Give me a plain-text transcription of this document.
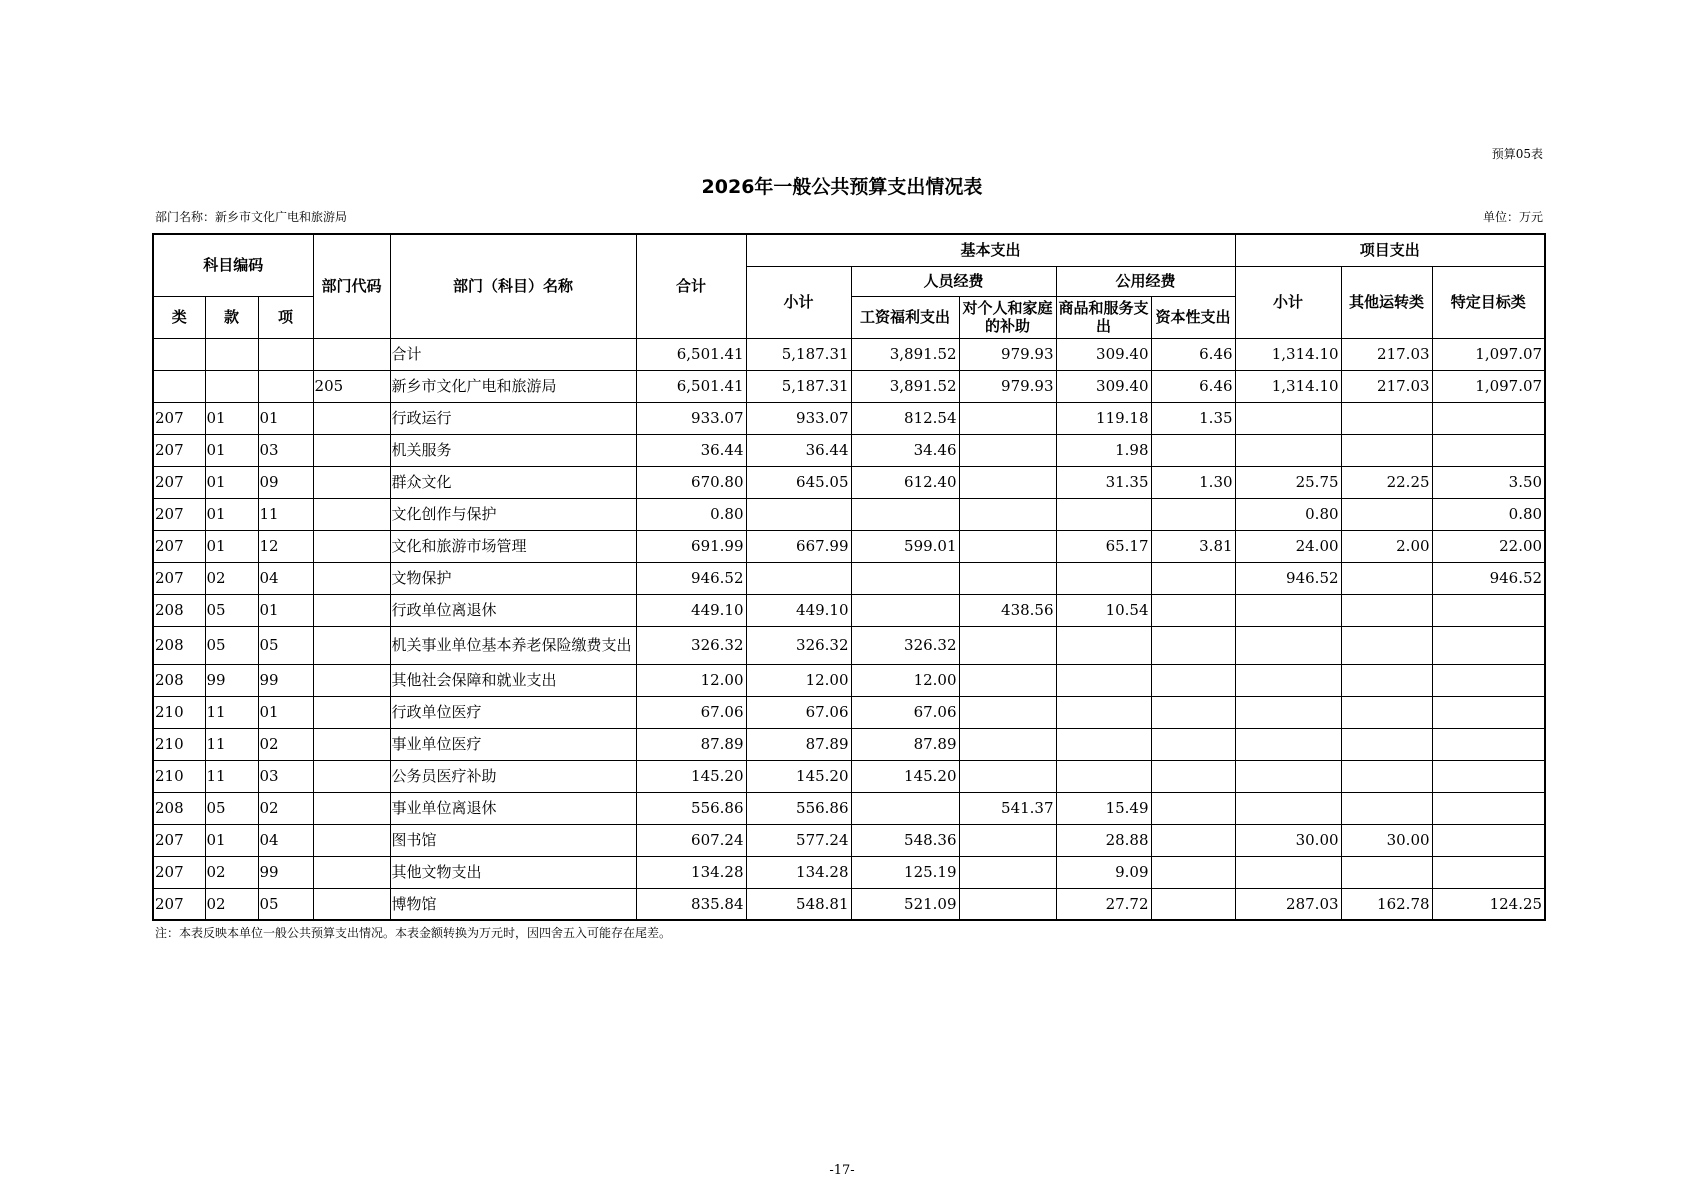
预算05表
2026年一般公共预算支出情况表
部门名称：新乡市文化广电和旅游局	单位：万元
科目编码			部门代码	部门（科目）名称	合计	基本支出					项目支出		
						小计	人员经费		公用经费		小计	其他运转类	特定目标类
类	款	项					工资福利支出	对个人和家庭的补助	商品和服务支出	资本性支出			
				合计	6,501.41	5,187.31	3,891.52	979.93	309.40	6.46	1,314.10	217.03	1,097.07
			205	新乡市文化广电和旅游局	6,501.41	5,187.31	3,891.52	979.93	309.40	6.46	1,314.10	217.03	1,097.07
207	01	01		行政运行	933.07	933.07	812.54		119.18	1.35			
207	01	03		机关服务	36.44	36.44	34.46		1.98				
207	01	09		群众文化	670.80	645.05	612.40		31.35	1.30	25.75	22.25	3.50
207	01	11		文化创作与保护	0.80						0.80		0.80
207	01	12		文化和旅游市场管理	691.99	667.99	599.01		65.17	3.81	24.00	2.00	22.00
207	02	04		文物保护	946.52						946.52		946.52
208	05	01		行政单位离退休	449.10	449.10		438.56	10.54				
208	05	05		机关事业单位基本养老保险缴费支出	326.32	326.32	326.32						
208	99	99		其他社会保障和就业支出	12.00	12.00	12.00						
210	11	01		行政单位医疗	67.06	67.06	67.06						
210	11	02		事业单位医疗	87.89	87.89	87.89						
210	11	03		公务员医疗补助	145.20	145.20	145.20						
208	05	02		事业单位离退休	556.86	556.86		541.37	15.49				
207	01	04		图书馆	607.24	577.24	548.36		28.88		30.00	30.00	
207	02	99		其他文物支出	134.28	134.28	125.19		9.09				
207	02	05		博物馆	835.84	548.81	521.09		27.72		287.03	162.78	124.25
注：本表反映本单位一般公共预算支出情况。本表金额转换为万元时，因四舍五入可能存在尾差。
-17-
